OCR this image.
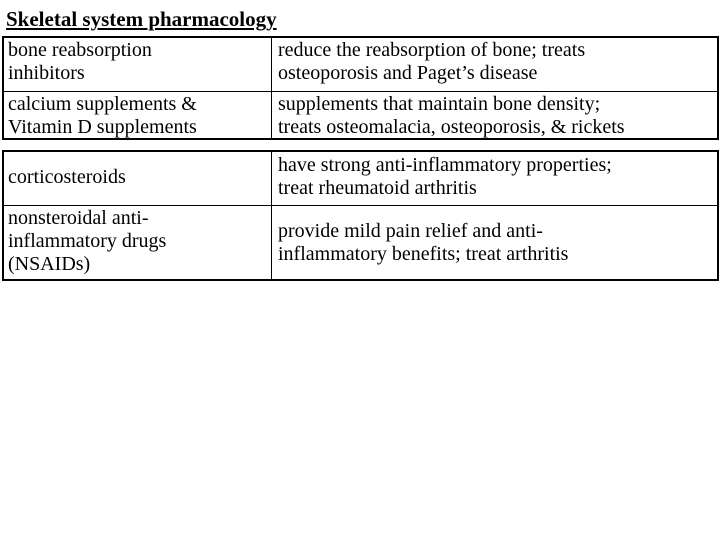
Skeletal system pharmacology
bone reabsorption
inhibitors
reduce the reabsorption of bone; treats
osteoporosis and Paget’s disease
calcium supplements &
Vitamin D supplements
supplements that maintain bone density;
treats osteomalacia, osteoporosis, & rickets
corticosteroids
have strong anti-inflammatory properties;
treat rheumatoid arthritis
nonsteroidal anti-
inflammatory drugs
(NSAIDs)
provide mild pain relief and anti-
inflammatory benefits; treat arthritis
